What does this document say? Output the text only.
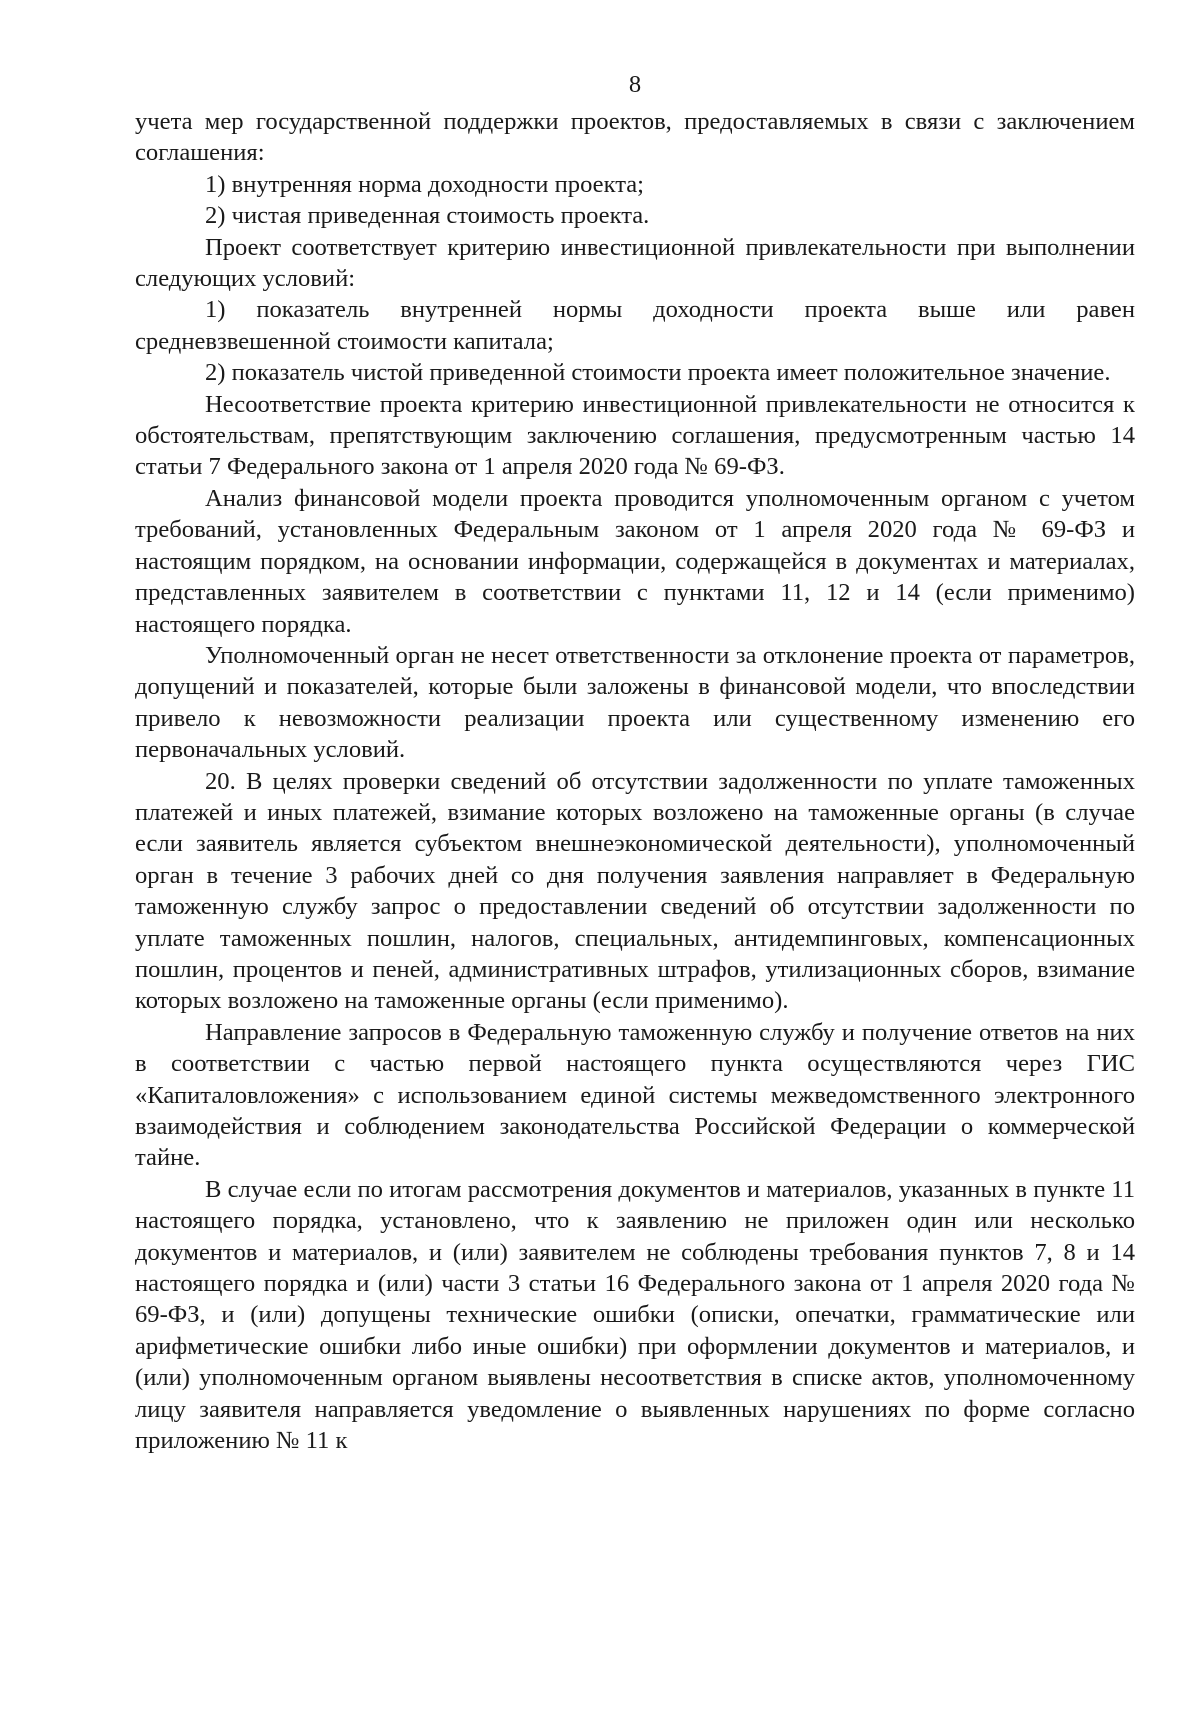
8

учета мер государственной поддержки проектов, предоставляемых в связи с заключением соглашения:

1) внутренняя норма доходности проекта;

2) чистая приведенная стоимость проекта.

Проект соответствует критерию инвестиционной привлекательности при выполнении следующих условий:

1) показатель внутренней нормы доходности проекта выше или равен средневзвешенной стоимости капитала;

2) показатель чистой приведенной стоимости проекта имеет положительное значение.

Несоответствие проекта критерию инвестиционной привлекательности не относится к обстоятельствам, препятствующим заключению соглашения, предусмотренным частью 14 статьи 7 Федерального закона от 1 апреля 2020 года № 69-ФЗ.

Анализ финансовой модели проекта проводится уполномоченным органом с учетом требований, установленных Федеральным законом от 1 апреля 2020 года № 69-ФЗ и настоящим порядком, на основании информации, содержащейся в документах и материалах, представленных заявителем в соответствии с пунктами 11, 12 и 14 (если применимо) настоящего порядка.

Уполномоченный орган не несет ответственности за отклонение проекта от параметров, допущений и показателей, которые были заложены в финансовой модели, что впоследствии привело к невозможности реализации проекта или существенному изменению его первоначальных условий.

20. В целях проверки сведений об отсутствии задолженности по уплате таможенных платежей и иных платежей, взимание которых возложено на таможенные органы (в случае если заявитель является субъектом внешнеэкономической деятельности), уполномоченный орган в течение 3 рабочих дней со дня получения заявления направляет в Федеральную таможенную службу запрос о предоставлении сведений об отсутствии задолженности по уплате таможенных пошлин, налогов, специальных, антидемпинговых, компенсационных пошлин, процентов и пеней, административных штрафов, утилизационных сборов, взимание которых возложено на таможенные органы (если применимо).

Направление запросов в Федеральную таможенную службу и получение ответов на них в соответствии с частью первой настоящего пункта осуществляются через ГИС «Капиталовложения» с использованием единой системы межведомственного электронного взаимодействия и соблюдением законодательства Российской Федерации о коммерческой тайне.

В случае если по итогам рассмотрения документов и материалов, указанных в пункте 11 настоящего порядка, установлено, что к заявлению не приложен один или несколько документов и материалов, и (или) заявителем не соблюдены требования пунктов 7, 8 и 14 настоящего порядка и (или) части 3 статьи 16 Федерального закона от 1 апреля 2020 года № 69-ФЗ, и (или) допущены технические ошибки (описки, опечатки, грамматические или арифметические ошибки либо иные ошибки) при оформлении документов и материалов, и (или) уполномоченным органом выявлены несоответствия в списке актов, уполномоченному лицу заявителя направляется уведомление о выявленных нарушениях по форме согласно приложению № 11 к
